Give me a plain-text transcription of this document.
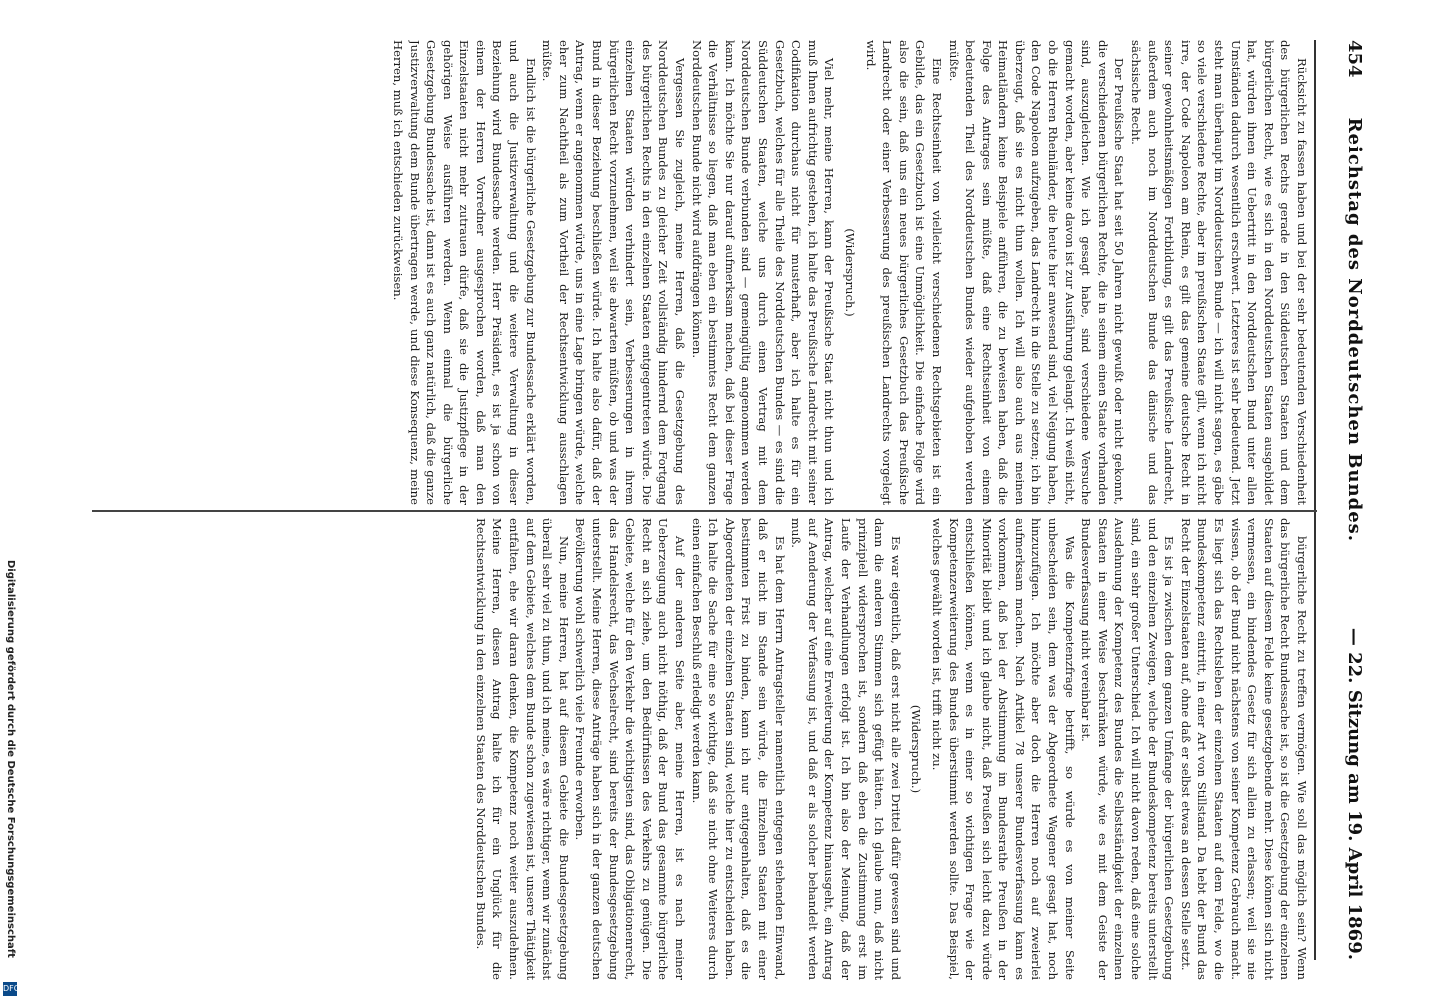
Digitalisierung gefördert durch die Deutsche Forschungsgemeinschaft
DFG
454
Reichstag des Norddeutschen Bundes.
— 22. Sitzung am 19. April 1869.

Rücksicht zu fassen haben und bei der sehr bedeutenden Verschiedenheit des bürgerlichen Rechts gerade in den Süddeutschen Staaten und dem bürgerlichen Recht, wie es sich in den Norddeutschen Staaten ausgebildet hat, würden ihnen ein Uebertritt in den Norddeutschen Bund unter allen Umständen dadurch wesentlich erschwert. Letzteres ist sehr bedeutend. Jetzt steht man überhaupt im Norddeutschen Bunde — ich will nicht sagen, es gäbe so viele verschiedene Rechte, aber im preußischen Staate gilt, wenn ich nicht irre, der Code Napoleon am Rhein, es gilt das gemeine deutsche Recht in seiner gewohnheitsmäßigen Fortbildung, es gilt das Preußische Landrecht, außerdem auch noch im Norddeutschen Bunde das dänische und das sächsische Recht.

Der Preußische Staat hat seit 50 Jahren nicht gewußt oder nicht gekonnt, die verschiedenen bürgerlichen Rechte, die in seinem einen Staate vorhanden sind, auszugleichen. Wie ich gesagt habe, sind verschiedene Versuche gemacht worden, aber keine davon ist zur Ausführung gelangt. Ich weiß nicht, ob die Herren Rheinländer, die heute hier anwesend sind, viel Neigung haben, den Code Napoleon aufzugeben, das Landrecht in die Stelle zu setzen; ich bin überzeugt, daß sie es nicht thun wollen. Ich will also auch aus meinen Heimatländern keine Beispiele anführen, die zu beweisen haben, daß die Folge des Antrages sein müßte, daß eine Rechtseinheit von einem bedeutenden Theil des Norddeutschen Bundes wieder aufgehoben werden müßte.

Eine Rechtseinheit von vielleicht verschiedenen Rechtsgebieten ist ein Gebilde, das ein Gesetzbuch ist eine Unmöglichkeit. Die einfache Folge wird also die sein, daß uns ein neues bürgerliches Gesetzbuch das Preußische Landrecht oder einer Verbesserung des preußischen Landrechts vorgelegt wird.

(Widerspruch.)

Viel mehr, meine Herren, kann der Preußische Staat nicht thun und ich muß Ihnen aufrichtig gestehen, ich halte das Preußische Landrecht mit seiner Codifikation durchaus nicht für musterhaft, aber ich halte es für ein Gesetzbuch, welches für alle Theile des Norddeutschen Bundes — es sind die Süddeutschen Staaten, welche uns durch einen Vertrag mit dem Norddeutschen Bunde verbunden sind — gemeingültig angenommen werden kann. Ich möchte Sie nur darauf aufmerksam machen, daß bei dieser Frage die Verhältnisse so liegen, daß man eben ein bestimmtes Recht dem ganzen Norddeutschen Bunde nicht wird aufdrängen können.

Vergessen Sie zugleich, meine Herren, daß die Gesetzgebung des Norddeutschen Bundes zu gleicher Zeit vollständig hindernd dem Fortgang des bürgerlichen Rechts in den einzelnen Staaten entgegentreten würde. Die einzelnen Staaten würden verhindert sein, Verbesserungen in ihrem bürgerlichen Recht vorzunehmen, weil sie abwarten müßten, ob und was der Bund in dieser Beziehung beschließen würde. Ich halte also dafür, daß der Antrag, wenn er angenommen würde, uns in eine Lage bringen würde, welche eher zum Nachtheil als zum Vortheil der Rechtsentwicklung ausschlagen müßte.

Endlich ist die bürgerliche Gesetzgebung zur Bundessache erklärt worden, und auch die Justizverwaltung und die weitere Verwaltung in dieser Beziehung wird Bundessache werden. Herr Präsident, es ist ja schon von einem der Herren Vorredner ausgesprochen worden, daß man den Einzelstaaten nicht mehr zutrauen dürfe, daß sie die Justizpflege in der gehörigen Weise ausführen werden. Wenn einmal die bürgerliche Gesetzgebung Bundessache ist, dann ist es auch ganz natürlich, daß die ganze Justizverwaltung dem Bunde übertragen werde, und diese Konsequenz, meine Herren, muß ich entschieden zurückweisen.

bürgerliche Recht zu treffen vermögen. Wie soll das möglich sein? Wenn das bürgerliche Recht Bundessache ist, so ist die Gesetzgebung der einzelnen Staaten auf diesem Felde keine gesetzgebende mehr. Diese können sich nicht vermessen, ein bindendes Gesetz für sich allein zu erlassen; weil sie nie wissen, ob der Bund nicht nächstens von seiner Kompetenz Gebrauch macht. Es liegt sich das Rechtsleben der einzelnen Staaten auf dem Felde, wo die Bundeskompetenz eintritt, in einer Art von Stillstand. Da hebt der Bund das Recht der Einzelstaaten auf, ohne daß er selbst etwas an dessen Stelle setzt.

Es ist ja zwischen dem ganzen Umfange der bürgerlichen Gesetzgebung und den einzelnen Zweigen, welche der Bundeskompetenz bereits unterstellt sind, ein sehr großer Unterschied. Ich will nicht davon reden, daß eine solche Ausdehnung der Kompetenz des Bundes die Selbstständigkeit der einzelnen Staaten in einer Weise beschränken würde, wie es mit dem Geiste der Bundesverfassung nicht vereinbar ist.

Was die Kompetenzfrage betrifft, so würde es von meiner Seite unbescheiden sein, dem was der Abgeordnete Wagener gesagt hat, noch hinzuzufügen. Ich möchte aber doch die Herren noch auf zweierlei aufmerksam machen. Nach Artikel 78 unserer Bundesverfassung kann es vorkommen, daß bei der Abstimmung im Bundesrathe Preußen in der Minorität bleibt und ich glaube nicht, daß Preußen sich leicht dazu würde entschließen können, wenn es in einer so wichtigen Frage wie der Kompetenzerweiterung des Bundes überstimmt werden sollte. Das Beispiel, welches gewählt worden ist, trifft nicht zu.

(Widerspruch.)

Es war eigentlich, daß erst nicht alle zwei Drittel dafür gewesen sind und dann die anderen Stimmen sich gefügt hätten. Ich glaube nun, daß nicht prinzipiell widersprochen ist, sondern daß eben die Zustimmung erst im Laufe der Verhandlungen erfolgt ist. Ich bin also der Meinung, daß der Antrag, welcher auf eine Erweiterung der Kompetenz hinausgeht, ein Antrag auf Aenderung der Verfassung ist, und daß er als solcher behandelt werden muß.

Es hat dem Herrn Antragsteller namentlich entgegen stehenden Einwand, daß er nicht im Stande sein würde, die Einzelnen Staaten mit einer bestimmten Frist zu binden, kann ich nur entgegenhalten, daß es die Abgeordneten der einzelnen Staaten sind, welche hier zu entscheiden haben. Ich halte die Sache für eine so wichtige, daß sie nicht ohne Weiteres durch einen einfachen Beschluß erledigt werden kann.

Auf der anderen Seite aber, meine Herren, ist es nach meiner Ueberzeugung auch nicht nöthig, daß der Bund das gesammte bürgerliche Recht an sich ziehe, um den Bedürfnissen des Verkehrs zu genügen. Die Gebiete, welche für den Verkehr die wichtigsten sind, das Obligationenrecht, das Handelsrecht, das Wechselrecht, sind bereits der Bundesgesetzgebung unterstellt. Meine Herren, diese Anträge haben sich in der ganzen deutschen Bevölkerung wohl schwerlich viele Freunde erworben.

Nun, meine Herren, hat auf diesem Gebiete die Bundesgesetzgebung überall sehr viel zu thun, und ich meine, es wäre richtiger, wenn wir zunächst auf dem Gebiete, welches dem Bunde schon zugewiesen ist, unsere Thätigkeit entfalten, ehe wir daran denken, die Kompetenz noch weiter auszudehnen. Meine Herren, diesen Antrag halte ich für ein Unglück für die Rechtsentwicklung in den einzelnen Staaten des Norddeutschen Bundes.
